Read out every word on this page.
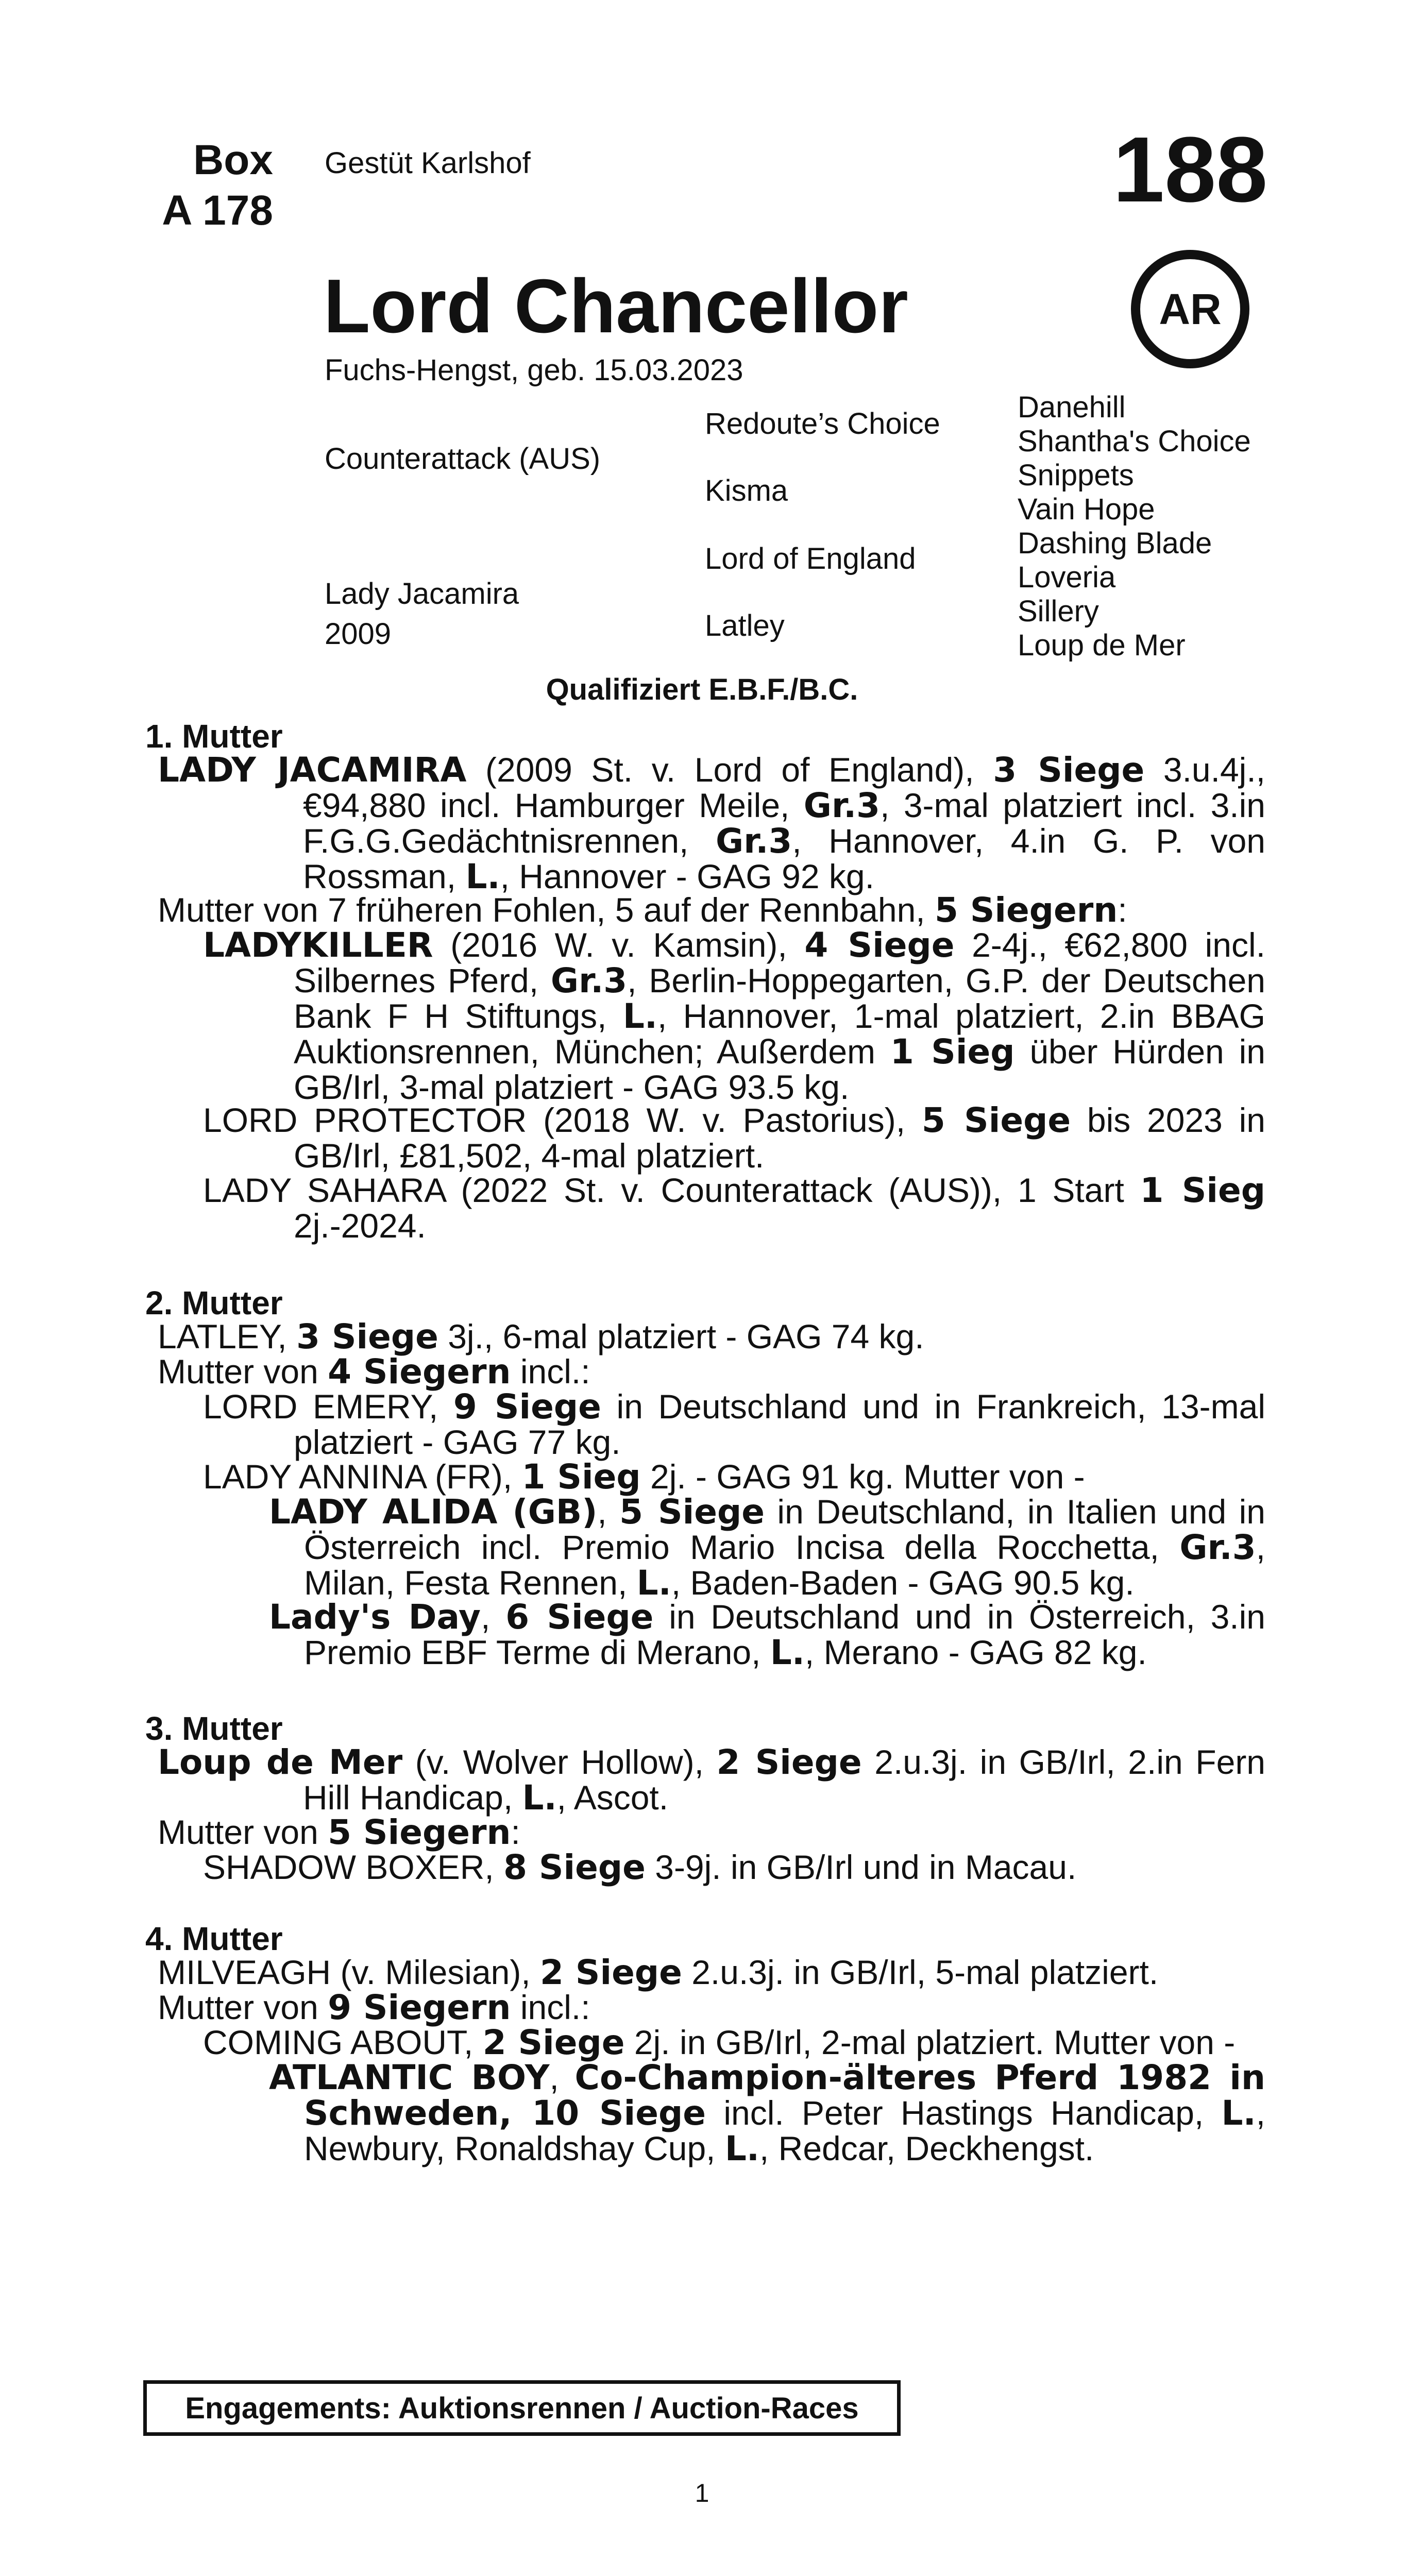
Box
A 178
Gestüt Karlshof	188
Lord Chancellor	AR
Fuchs-Hengst, geb. 15.03.2023
Counterattack (AUS)
Lady Jacamira
2009
Redoute’s Choice
Kisma
Lord of England
Latley
Danehill
Shantha's Choice
Snippets
Vain Hope
Dashing Blade
Loveria
Sillery
Loup de Mer
Qualifiziert E.B.F./B.C.
1. Mutter
LADY JACAMIRA (2009 St. v. Lord of England), 3 Siege 3.u.4j., €94,880 incl. Hamburger Meile, Gr.3, 3-mal platziert incl. 3.in F.G.G.Gedächtnisrennen, Gr.3, Hannover, 4.in G. P. von Rossman, L., Hannover - GAG 92 kg.
Mutter von 7 früheren Fohlen, 5 auf der Rennbahn, 5 Siegern:
LADYKILLER (2016 W. v. Kamsin), 4 Siege 2-4j., €62,800 incl. Silbernes Pferd, Gr.3, Berlin-Hoppegarten, G.P. der Deutschen Bank F H Stiftungs, L., Hannover, 1-mal platziert, 2.in BBAG Auktionsrennen, München; Außerdem 1 Sieg über Hürden in GB/Irl, 3-mal platziert - GAG 93.5 kg.
LORD PROTECTOR (2018 W. v. Pastorius), 5 Siege bis 2023 in GB/Irl, £81,502, 4-mal platziert.
LADY SAHARA (2022 St. v. Counterattack (AUS)), 1 Start 1 Sieg 2j.-2024.
2. Mutter
LATLEY, 3 Siege 3j., 6-mal platziert - GAG 74 kg.
Mutter von 4 Siegern incl.:
LORD EMERY, 9 Siege in Deutschland und in Frankreich, 13-mal platziert - GAG 77 kg.
LADY ANNINA (FR), 1 Sieg 2j. - GAG 91 kg. Mutter von -
LADY ALIDA (GB), 5 Siege in Deutschland, in Italien und in Österreich incl. Premio Mario Incisa della Rocchetta, Gr.3, Milan, Festa Rennen, L., Baden-Baden - GAG 90.5 kg.
Lady's Day, 6 Siege in Deutschland und in Österreich, 3.in Premio EBF Terme di Merano, L., Merano - GAG 82 kg.
3. Mutter
Loup de Mer (v. Wolver Hollow), 2 Siege 2.u.3j. in GB/Irl, 2.in Fern Hill Handicap, L., Ascot.
Mutter von 5 Siegern:
SHADOW BOXER, 8 Siege 3-9j. in GB/Irl und in Macau.
4. Mutter
MILVEAGH (v. Milesian), 2 Siege 2.u.3j. in GB/Irl, 5-mal platziert.
Mutter von 9 Siegern incl.:
COMING ABOUT, 2 Siege 2j. in GB/Irl, 2-mal platziert. Mutter von -
ATLANTIC BOY, Co-Champion-älteres Pferd 1982 in Schweden, 10 Siege incl. Peter Hastings Handicap, L., Newbury, Ronaldshay Cup, L., Redcar, Deckhengst.
Engagements: Auktionsrennen / Auction-Races
1
